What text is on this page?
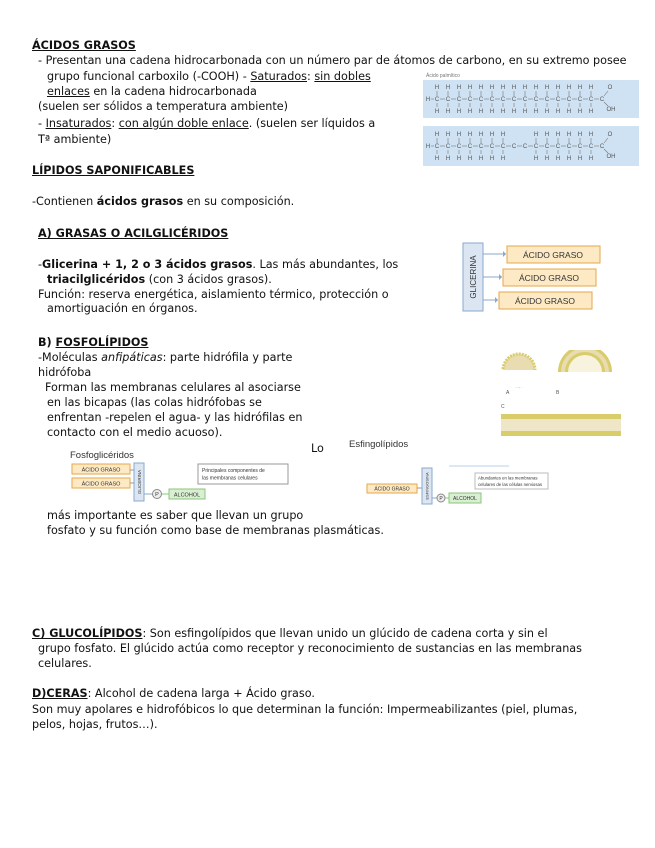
ÁCIDOS GRASOS
- Presentan una cadena hidrocarbonada con un número par de átomos de carbono, en su extremo posee
grupo funcional carboxilo (-COOH) - Saturados: sin dobles
enlaces en la cadena hidrocarbonada
(suelen ser sólidos a temperatura ambiente)
- Insaturados: con algún doble enlace. (suelen ser líquidos a
Tª ambiente)
Ácido palmítico
H C
H
H
C
H
H
C
H
H
C
H
H
C
H
H
C
H
H
C
H
H
C
H
H
C
H
H
C
H
H
C
H
H
C
H
H
C
H
H
C
H
H
C
H
H
C
O
OH
H C
H
H
C
H
H
C
H
H
C
H
H
C
H
H
C
H
H
C
H
H
C C C
H
H
C
H
H
C
H
H
C
H
H
C
H
H
C
H
H
C
O
OH
LÍPIDOS SAPONIFICABLES
-Contienen ácidos grasos en su composición.
A) GRASAS O ACILGLICÉRIDOS
-Glicerina + 1, 2 o 3 ácidos grasos. Las más abundantes, los
triacilglicéridos (con 3 ácidos grasos).
Función: reserva energética, aislamiento térmico, protección o
amortiguación en órganos.
GLICERINA
ÁCIDO GRASO
ÁCIDO GRASO
ÁCIDO GRASO
B) FOSFOLÍPIDOS
-Moléculas anfipáticas: parte hidrófila y parte
hidrófoba
Forman las membranas celulares al asociarse
en las bicapas (las colas hidrófobas se
enfrentan -repelen el agua- y las hidrófilas en
contacto con el medio acuoso).
Lo
más importante es saber que llevan un grupo
fosfato y su función como base de membranas plasmáticas.
Fosfoglicéridos
ÁCIDO GRASO
ÁCIDO GRASO	GLICERINA
P	ALCOHOL
Principales componentes de
las membranas celulares
Esfingolípidos
ÁCIDO GRASO	ESFINGOSINA P ALCOHOL
Abundantes en las membranas
celulares de las células nerviosas
A	B
C
C) GLUCOLÍPIDOS: Son esfingolípidos que llevan unido un glúcido de cadena corta y sin el
grupo fosfato. El glúcido actúa como receptor y reconocimiento de sustancias en las membranas
celulares.
D)CERAS: Alcohol de cadena larga + Ácido graso.
Son muy apolares e hidrofóbicos lo que determinan la función: Impermeabilizantes (piel, plumas,
pelos, hojas, frutos…).
